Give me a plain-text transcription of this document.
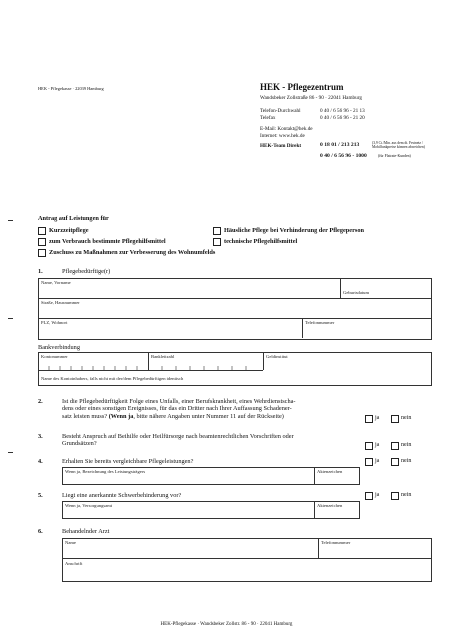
HEK - Pflegekasse · 22039 Hamburg	HEK - Pflegezentrum
Wandsbeker Zollstraße 86 - 90 · 22041 Hamburg
Telefon-Durchwahl	0 40 / 6 56 96 - 21 13
Telefax	0 40 / 6 56 96 - 21 20
E-Mail: Kontakt@hek.de
Internet: www.hek.de
HEK-Team Direkt	0 18 01 / 213 213	(3,9 Ct./Min. aus dem dt. Festnetz / Mobilfunkpreise können abweichen)
0 40 / 6 56 96 - 1000	(für Flatrate-Kunden)
Antrag auf Leistungen für
Kurzzeitpflege	Häusliche Pflege bei Verhinderung der Pflegeperson
zum Verbrauch bestimmte Pflegehilfsmittel	technische Pflegehilfsmittel
Zuschuss zu Maßnahmen zur Verbesserung des Wohnumfelds
1.	Pflegebedürftige(r)
Name, Vorname
Geburtsdatum
Straße, Hausnummer
PLZ, Wohnort	Telefonnummer
Bankverbindung
Kontonummer	Bankleitzahl	Geldinstitut
Name des Kontoinhabers, falls nicht mit der/dem Pflegebedürftigen identisch
2.	Ist die Pflegebedürftigkeit Folge eines Unfalls, einer Berufskrankheit, eines Wehrdienstscha-
dens oder eines sonstigen Ereignisses, für das ein Dritter nach Ihrer Auffassung Schadener-
satz leisten muss? (Wenn ja, bitte nähere Angaben unter Nummer 11 auf der Rückseite)	ja	nein
3.	Besteht Anspruch auf Beihilfe oder Heilfürsorge nach beamtenrechtlichen Vorschriften oder
Grundsätzen?	ja	nein
4.	Erhalten Sie bereits vergleichbare Pflegeleistungen?	ja	nein
Wenn ja, Bezeichnung des Leistungsträgers	Aktenzeichen
5.	Liegt eine anerkannte Schwerbehinderung vor?	ja	nein
Wenn ja, Versorgungsamt	Aktenzeichen
6.	Behandelnder Arzt
Name	Telefonnummer
Anschrift
HEK-Pflegekasse · Wandsbeker Zollstr. 86 - 90 · 22041 Hamburg
